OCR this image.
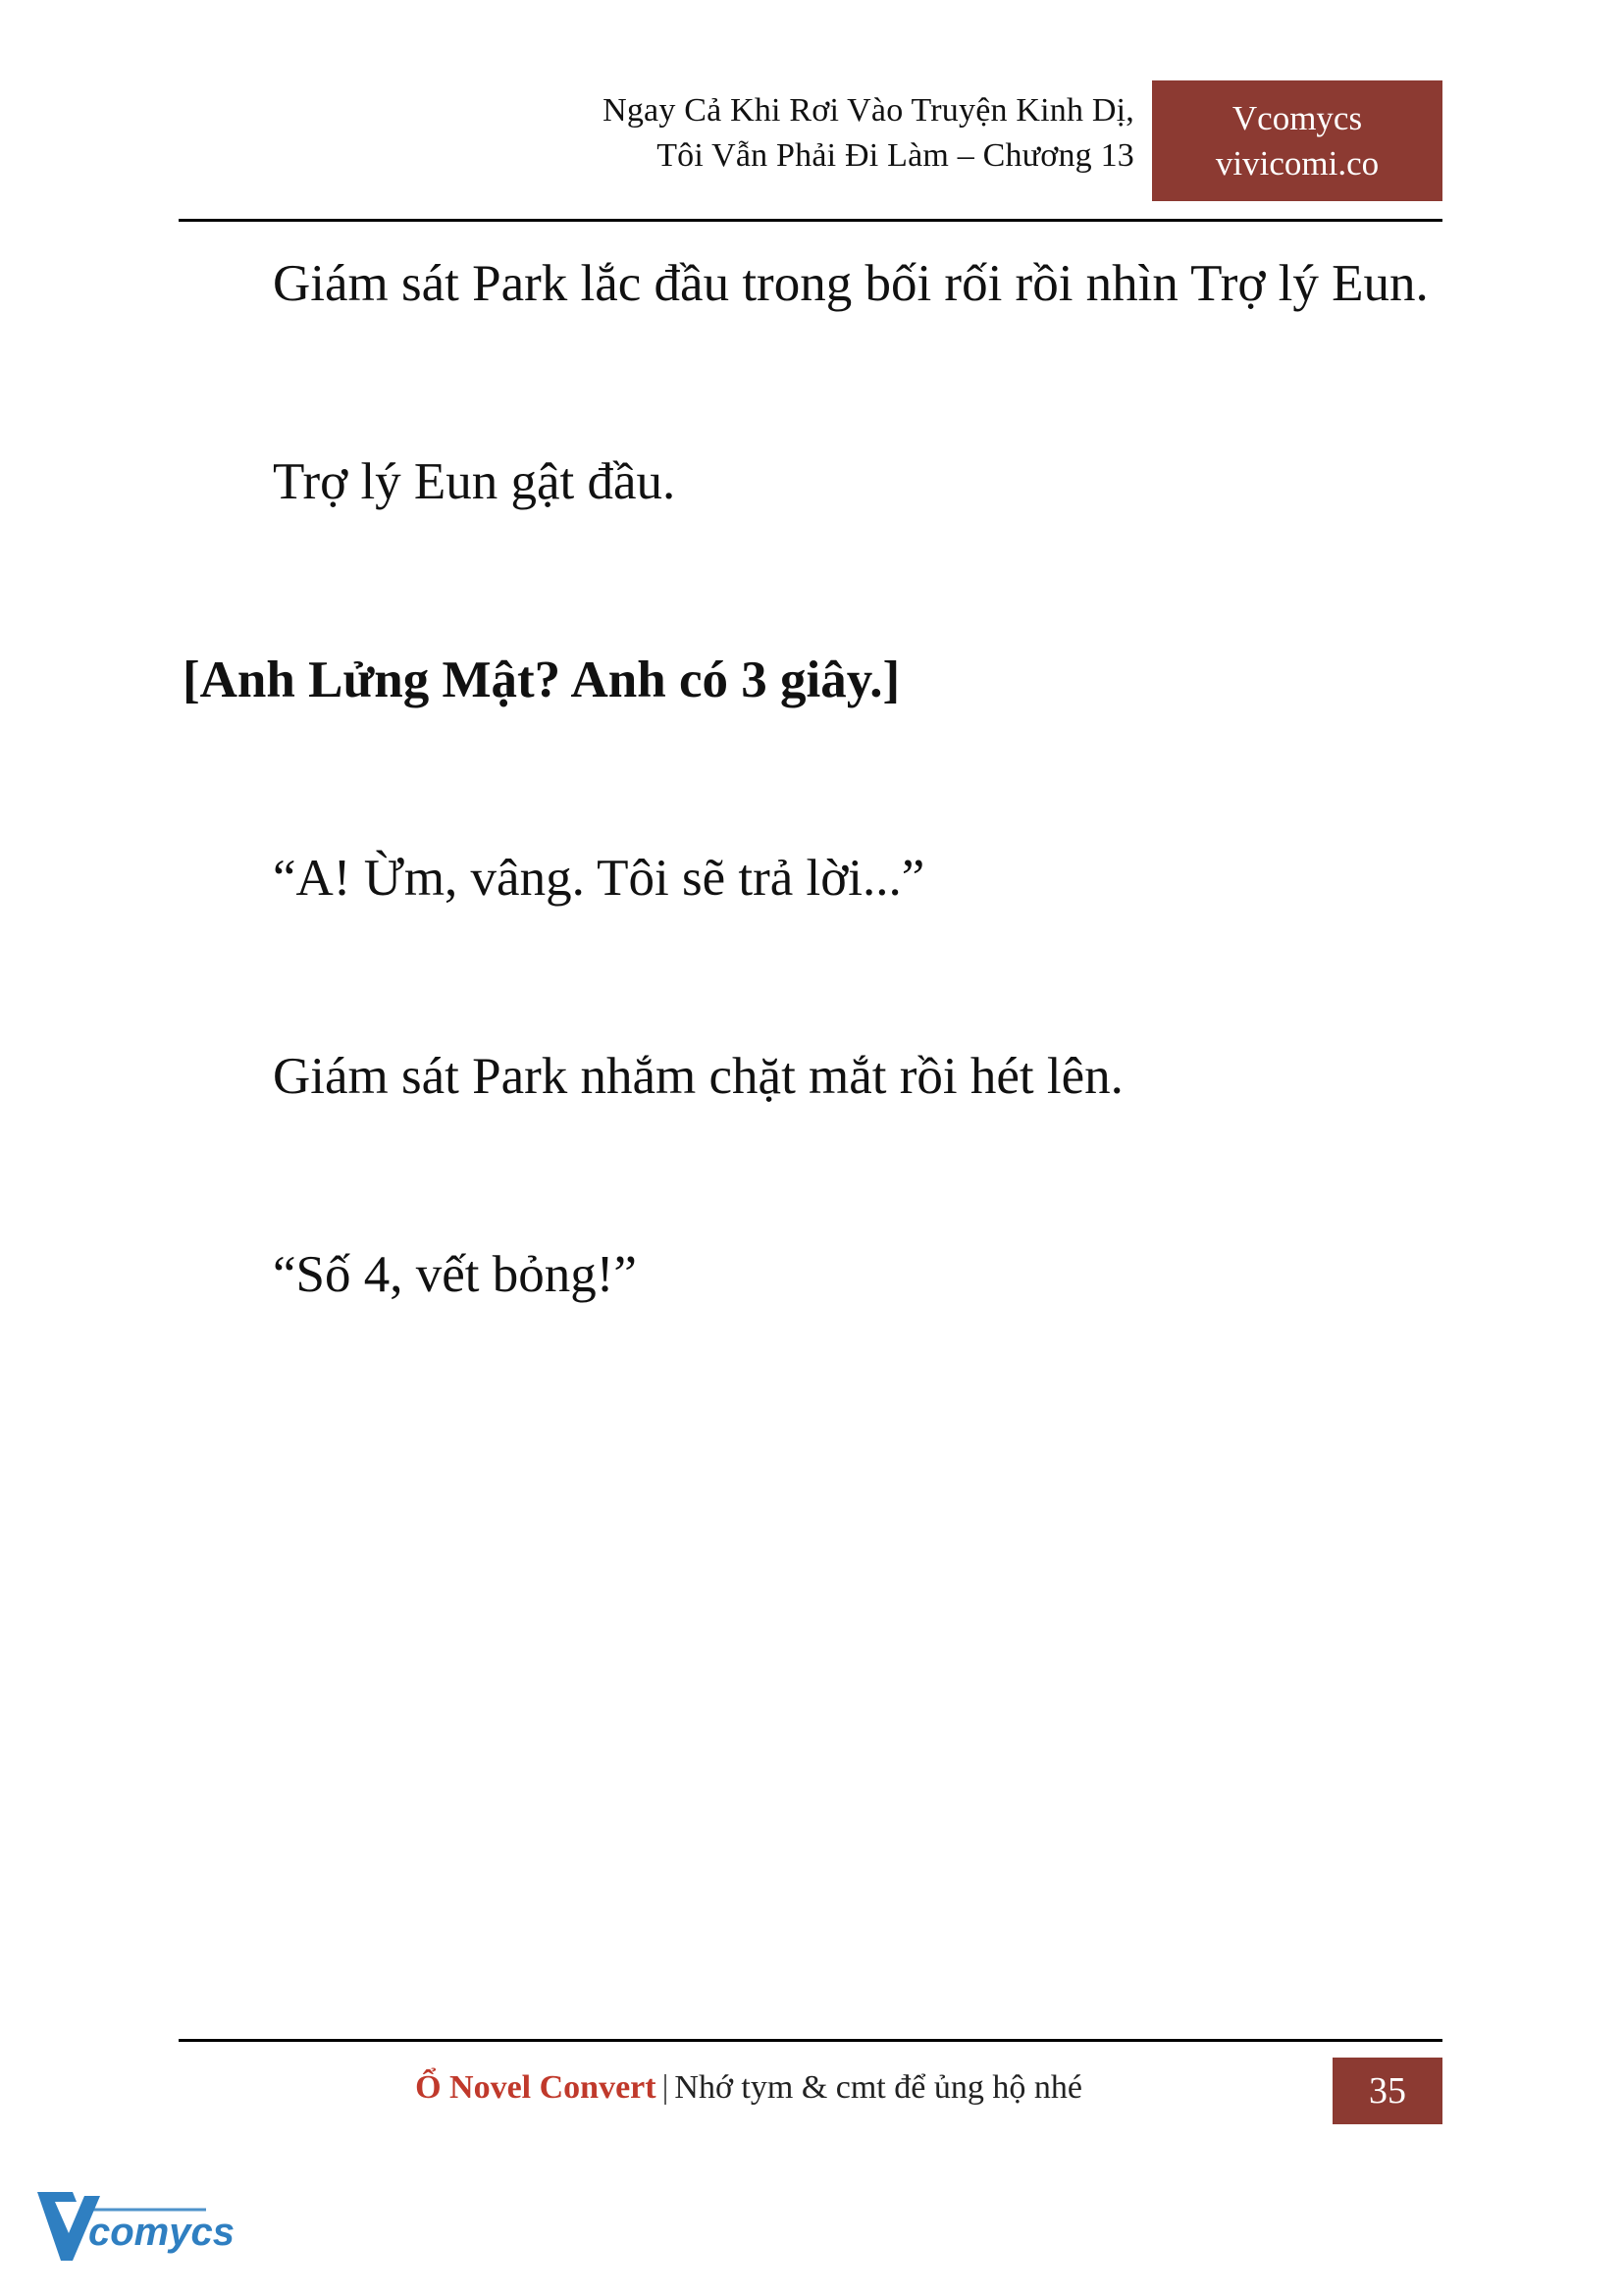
Ngay Cả Khi Rơi Vào Truyện Kinh Dị,
Tôi Vẫn Phải Đi Làm – Chương 13
Vcomycs
vivicomi.co

Giám sát Park lắc đầu trong bối rối rồi nhìn Trợ lý Eun.

Trợ lý Eun gật đầu.

[Anh Lửng Mật? Anh có 3 giây.]

“A! Ừm, vâng. Tôi sẽ trả lời...”

Giám sát Park nhắm chặt mắt rồi hét lên.

“Số 4, vết bỏng!”

Ổ Novel Convert | Nhớ tym & cmt để ủng hộ nhé	35
comycs
